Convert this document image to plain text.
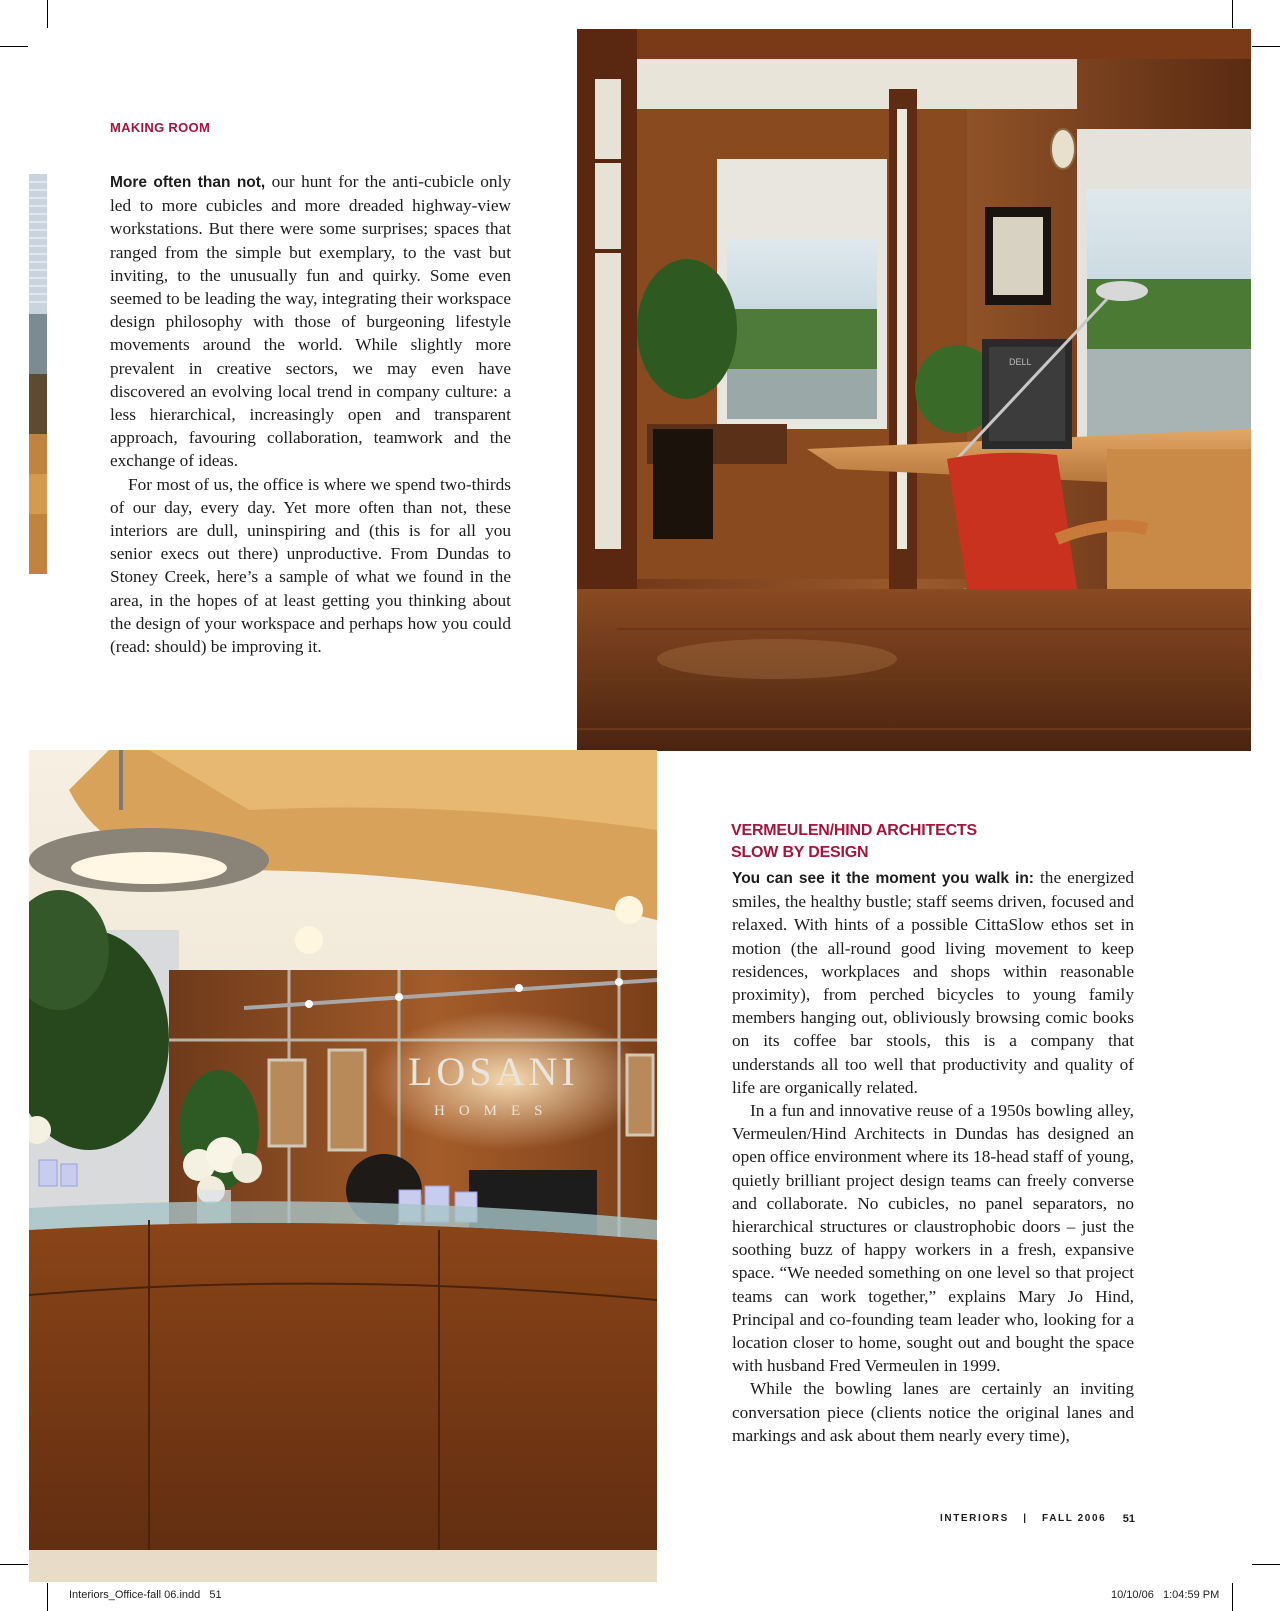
MAKING ROOM

More often than not, our hunt for the anti-cubicle only led to more cubicles and more dreaded highway-view workstations. But there were some surprises; spaces that ranged from the simple but exemplary, to the vast but inviting, to the unusually fun and quirky. Some even seemed to be leading the way, integrating their workspace design philosophy with those of burgeoning lifestyle movements around the world. While slightly more prevalent in creative sectors, we may even have discovered an evolving local trend in company culture: a less hierarchical, increasingly open and transparent approach, favouring collaboration, teamwork and the exchange of ideas.

For most of us, the office is where we spend two-thirds of our day, every day. Yet more often than not, these interiors are dull, uninspiring and (this is for all you senior execs out there) unproductive. From Dundas to Stoney Creek, here’s a sample of what we found in the area, in the hopes of at least getting you thinking about the design of your workspace and perhaps how you could (read: should) be improving it.

DELL
LOSANI
HOMES
VERMEULEN/HIND ARCHITECTS
SLOW BY DESIGN

You can see it the moment you walk in: the energized smiles, the healthy bustle; staff seems driven, focused and relaxed. With hints of a possible CittaSlow ethos set in motion (the all-round good living movement to keep residences, workplaces and shops within reasonable proximity), from perched bicycles to young family members hanging out, obliviously browsing comic books on its coffee bar stools, this is a company that understands all too well that productivity and quality of life are organically related.

In a fun and innovative reuse of a 1950s bowling alley, Vermeulen/Hind Architects in Dundas has designed an open office environment where its 18-head staff of young, quietly brilliant project design teams can freely converse and collaborate. No cubicles, no panel separators, no hierarchical structures or claustrophobic doors – just the soothing buzz of happy workers in a fresh, expansive space. “We needed something on one level so that project teams can work together,” explains Mary Jo Hind, Principal and co-founding team leader who, looking for a location closer to home, sought out and bought the space with husband Fred Vermeulen in 1999.

While the bowling lanes are certainly an inviting conversation piece (clients notice the original lanes and markings and ask about them nearly every time),

INTERIORS | FALL 2006 51
Interiors_Office-fall 06.indd   51	10/10/06   1:04:59 PM
